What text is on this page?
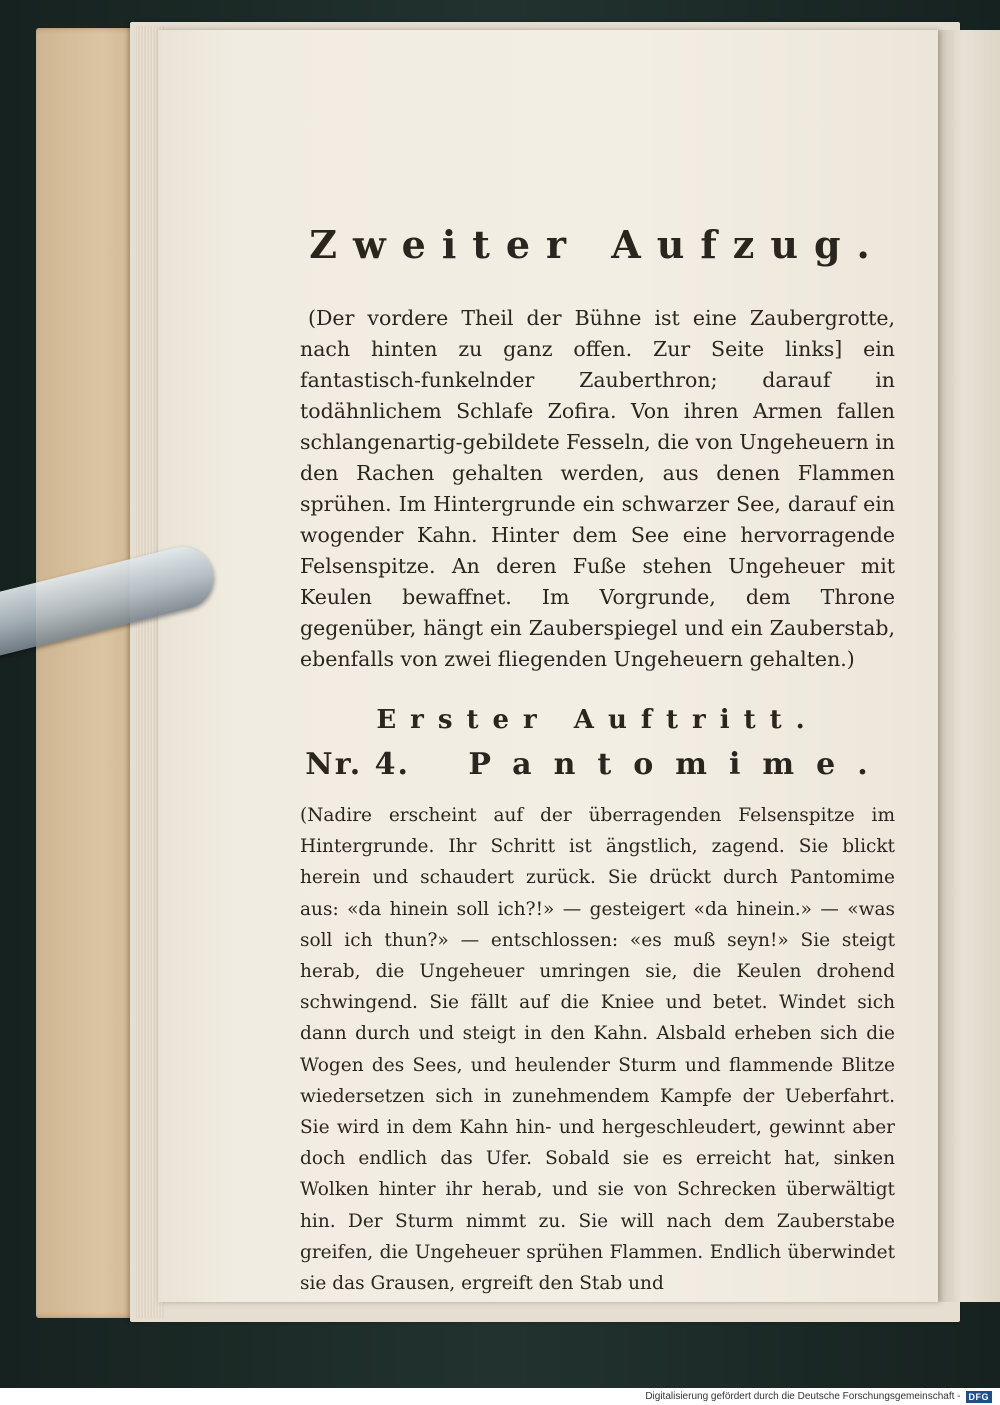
Zweiter Aufzug.

(Der vordere Theil der Bühne ist eine Zaubergrotte, nach hinten zu ganz offen. Zur Seite links] ein fantastisch-funkelnder Zauberthron; darauf in todähnlichem Schlafe Zofira. Von ihren Armen fallen schlangenartig-gebildete Fesseln, die von Ungeheuern in den Rachen gehalten werden, aus denen Flammen sprühen. Im Hintergrunde ein schwarzer See, darauf ein wogender Kahn. Hinter dem See eine hervorragende Felsenspitze. An deren Fuße stehen Ungeheuer mit Keulen bewaffnet. Im Vorgrunde, dem Throne gegenüber, hängt ein Zauberspiegel und ein Zauberstab, ebenfalls von zwei fliegenden Ungeheuern gehalten.)

Erster Auftritt.
Nr. 4. Pantomime.

(Nadire erscheint auf der überragenden Felsenspitze im Hintergrunde. Ihr Schritt ist ängstlich, zagend. Sie blickt herein und schaudert zurück. Sie drückt durch Pantomime aus: «da hinein soll ich?!» — gesteigert «da hinein.» — «was soll ich thun?» — entschlossen: «es muß seyn!» Sie steigt herab, die Ungeheuer umringen sie, die Keulen drohend schwingend. Sie fällt auf die Kniee und betet. Windet sich dann durch und steigt in den Kahn. Alsbald erheben sich die Wogen des Sees, und heulender Sturm und flammende Blitze wiedersetzen sich in zunehmendem Kampfe der Ueberfahrt. Sie wird in dem Kahn hin- und hergeschleudert, gewinnt aber doch endlich das Ufer. Sobald sie es erreicht hat, sinken Wolken hinter ihr herab, und sie von Schrecken überwältigt hin. Der Sturm nimmt zu. Sie will nach dem Zauberstabe greifen, die Ungeheuer sprühen Flammen. Endlich überwindet sie das Grausen, ergreift den Stab und

Digitalisierung gefördert durch die Deutsche Forschungsgemeinschaft - DFG
